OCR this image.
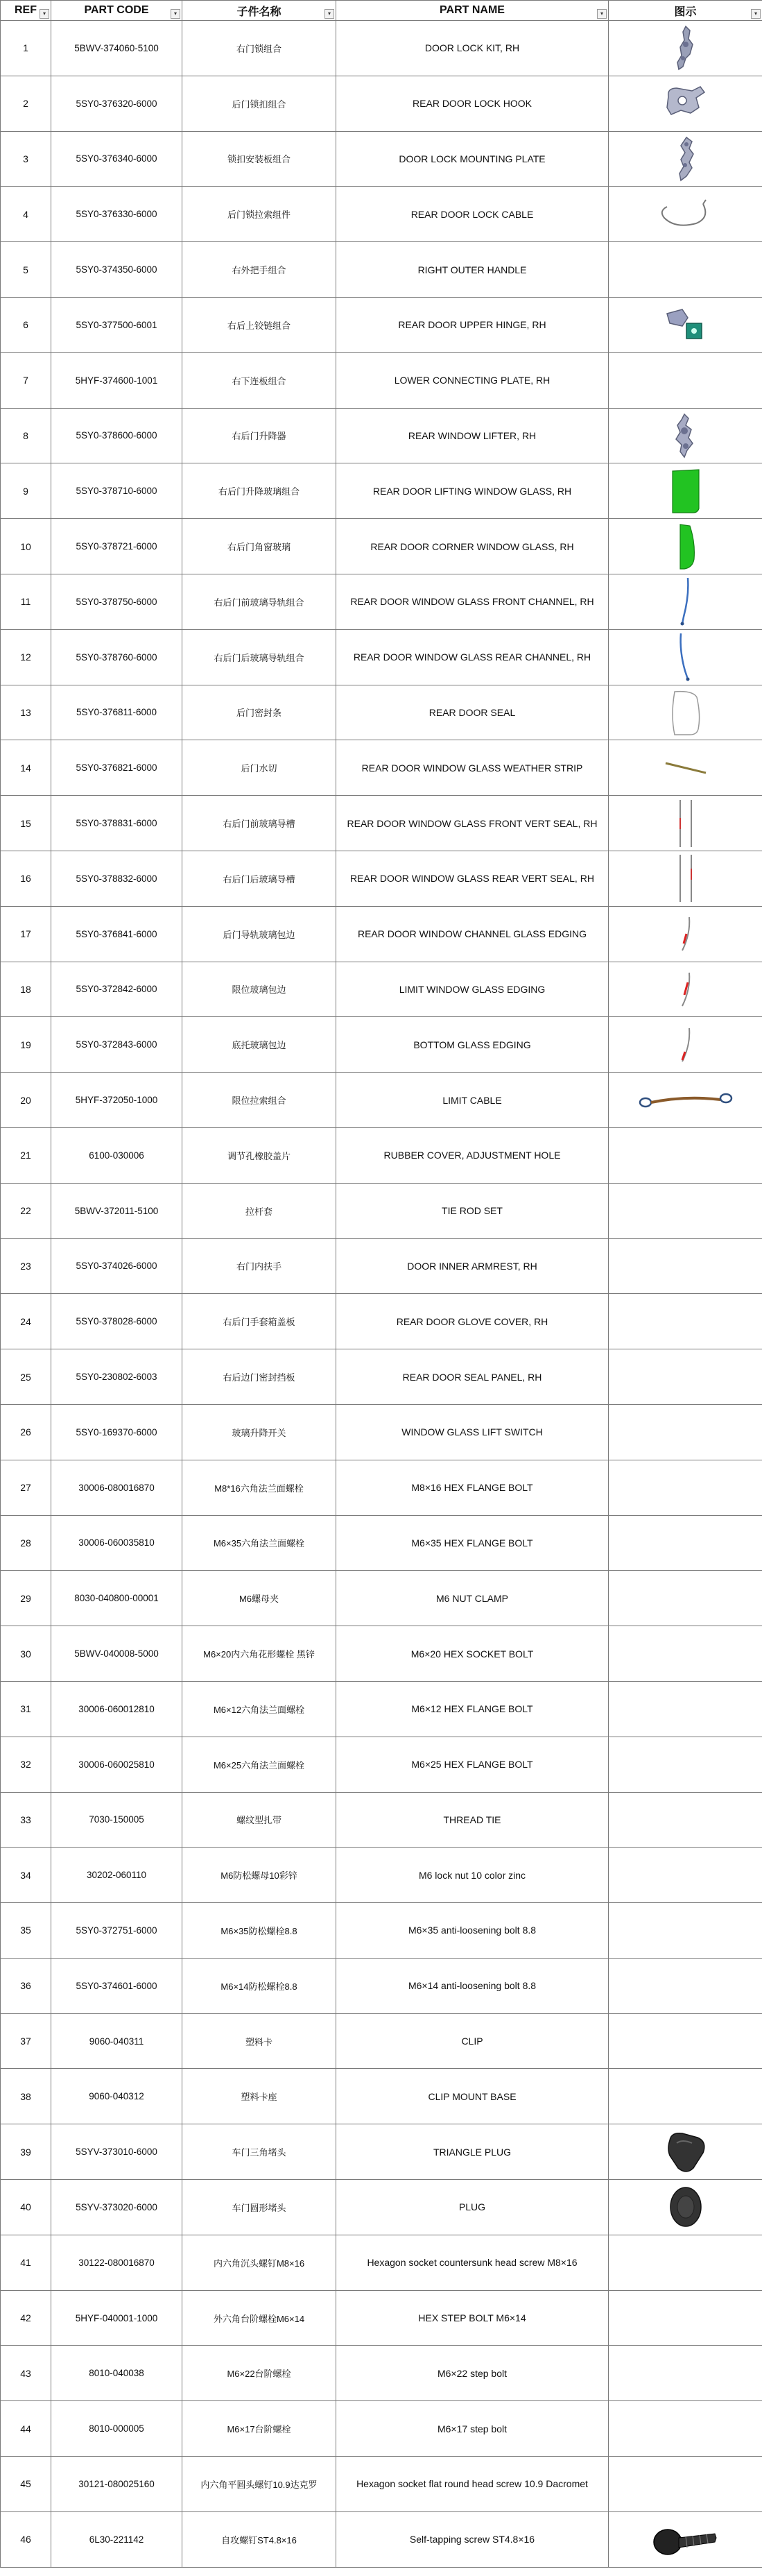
REF ▾	PART CODE ▾	子件名称 ▾	PART NAME ▾	图示 ▾

1	5BWV-374060-5100	右门锁组合	DOOR LOCK KIT, RH	

2	5SY0-376320-6000	后门锁扣组合	REAR DOOR LOCK HOOK	

3	5SY0-376340-6000	锁扣安装板组合	DOOR LOCK MOUNTING PLATE	

4	5SY0-376330-6000	后门锁拉索组件	REAR DOOR LOCK CABLE	

5	5SY0-374350-6000	右外把手组合	RIGHT OUTER HANDLE	
6	5SY0-377500-6001	右后上铰链组合	REAR DOOR UPPER HINGE, RH	

7	5HYF-374600-1001	右下连板组合	LOWER CONNECTING PLATE, RH	
8	5SY0-378600-6000	右后门升降器	REAR WINDOW LIFTER, RH	

9	5SY0-378710-6000	右后门升降玻璃组合	REAR DOOR LIFTING WINDOW GLASS, RH	

10	5SY0-378721-6000	右后门角窗玻璃	REAR DOOR CORNER WINDOW GLASS, RH	

11	5SY0-378750-6000	右后门前玻璃导轨组合	REAR DOOR WINDOW GLASS FRONT CHANNEL, RH	

12	5SY0-378760-6000	右后门后玻璃导轨组合	REAR DOOR WINDOW GLASS REAR CHANNEL, RH	

13	5SY0-376811-6000	后门密封条	REAR DOOR SEAL	

14	5SY0-376821-6000	后门水切	REAR DOOR WINDOW GLASS WEATHER STRIP	

15	5SY0-378831-6000	右后门前玻璃导槽	REAR DOOR WINDOW GLASS FRONT VERT SEAL, RH	

16	5SY0-378832-6000	右后门后玻璃导槽	REAR DOOR WINDOW GLASS REAR VERT SEAL, RH	

17	5SY0-376841-6000	后门导轨玻璃包边	REAR DOOR WINDOW CHANNEL GLASS EDGING	

18	5SY0-372842-6000	限位玻璃包边	LIMIT WINDOW GLASS EDGING	

19	5SY0-372843-6000	底托玻璃包边	BOTTOM GLASS EDGING	

20	5HYF-372050-1000	限位拉索组合	LIMIT CABLE	

21	6100-030006	调节孔橡胶盖片	RUBBER COVER, ADJUSTMENT HOLE	
22	5BWV-372011-5100	拉杆套	TIE ROD SET	
23	5SY0-374026-6000	右门内扶手	DOOR INNER ARMREST, RH	
24	5SY0-378028-6000	右后门手套箱盖板	REAR DOOR GLOVE COVER, RH	
25	5SY0-230802-6003	右后边门密封挡板	REAR DOOR SEAL PANEL, RH	
26	5SY0-169370-6000	玻璃升降开关	WINDOW GLASS LIFT SWITCH	
27	30006-080016870	M8*16六角法兰面螺栓	M8×16 HEX FLANGE BOLT	
28	30006-060035810	M6×35六角法兰面螺栓	M6×35 HEX FLANGE BOLT	
29	8030-040800-00001	M6螺母夹	M6 NUT CLAMP	
30	5BWV-040008-5000	M6×20内六角花形螺栓 黑锌	M6×20 HEX SOCKET BOLT	
31	30006-060012810	M6×12六角法兰面螺栓	M6×12 HEX FLANGE BOLT	
32	30006-060025810	M6×25六角法兰面螺栓	M6×25 HEX FLANGE BOLT	
33	7030-150005	螺纹型扎带	THREAD TIE	
34	30202-060110	M6防松螺母10彩锌	M6 lock nut 10 color zinc	
35	5SY0-372751-6000	M6×35防松螺栓8.8	M6×35 anti-loosening bolt 8.8	
36	5SY0-374601-6000	M6×14防松螺栓8.8	M6×14 anti-loosening bolt 8.8	
37	9060-040311	塑料卡	CLIP	
38	9060-040312	塑料卡座	CLIP MOUNT BASE	
39	5SYV-373010-6000	车门三角堵头	TRIANGLE PLUG	

40	5SYV-373020-6000	车门圆形堵头	PLUG	

41	30122-080016870	内六角沉头螺钉M8×16	Hexagon socket countersunk head screw M8×16	
42	5HYF-040001-1000	外六角台阶螺栓M6×14	HEX STEP BOLT M6×14	
43	8010-040038	M6×22台阶螺栓	M6×22 step bolt	
44	8010-000005	M6×17台阶螺栓	M6×17 step bolt	
45	30121-080025160	内六角平圆头螺钉10.9达克罗	Hexagon socket flat round head screw 10.9 Dacromet	
46	6L30-221142	自攻螺钉ST4.8×16	Self-tapping screw ST4.8×16	
